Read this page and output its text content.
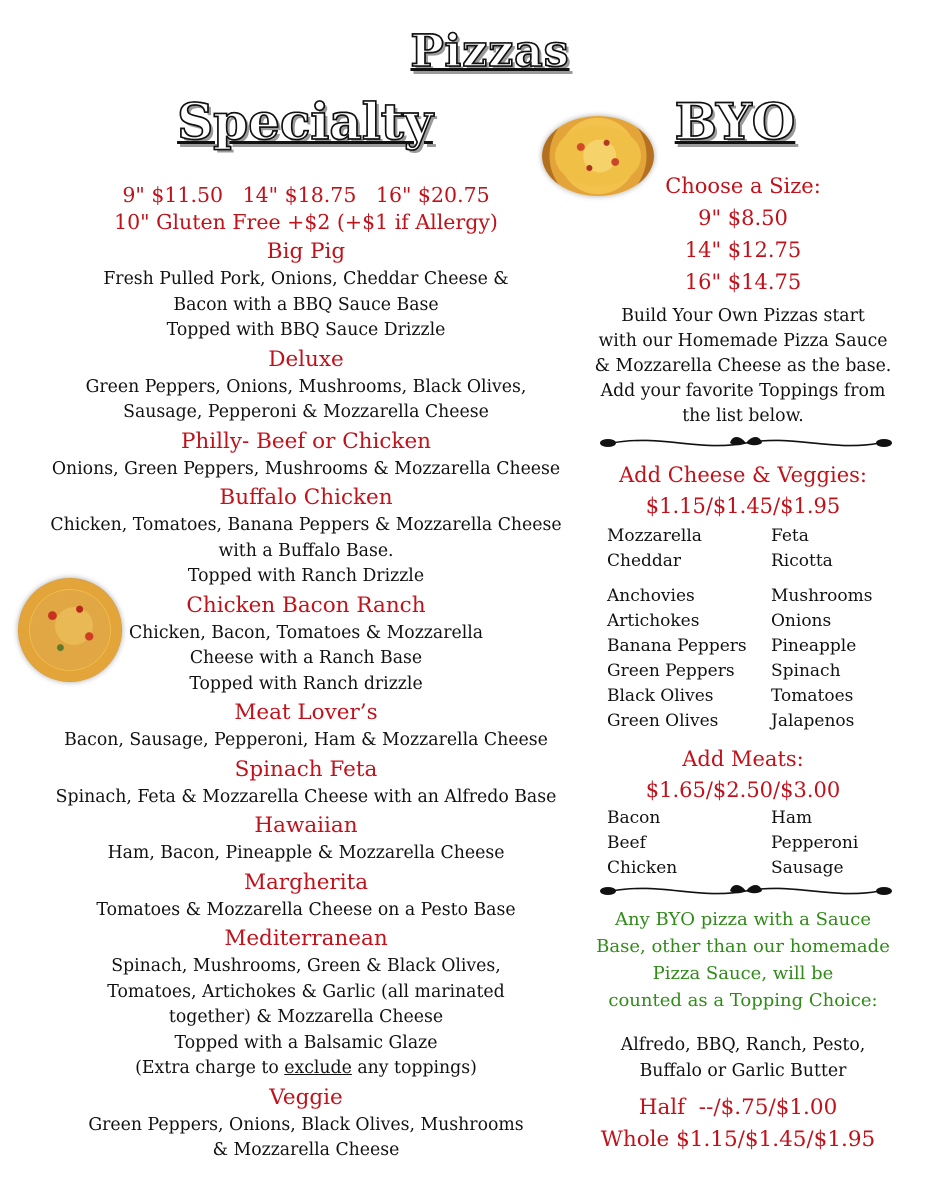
Pizzas
Specialty	BYO

9" $11.50   14" $18.75   16" $20.75

10" Gluten Free +$2 (+$1 if Allergy)

Big Pig

Fresh Pulled Pork, Onions, Cheddar Cheese &

Bacon with a BBQ Sauce Base

Topped with BBQ Sauce Drizzle

Deluxe

Green Peppers, Onions, Mushrooms, Black Olives,

Sausage, Pepperoni & Mozzarella Cheese

Philly- Beef or Chicken

Onions, Green Peppers, Mushrooms & Mozzarella Cheese

Buffalo Chicken

Chicken, Tomatoes, Banana Peppers & Mozzarella Cheese

with a Buffalo Base.

Topped with Ranch Drizzle

Chicken Bacon Ranch

Chicken, Bacon, Tomatoes & Mozzarella

Cheese with a Ranch Base

Topped with Ranch drizzle

Meat Lover’s

Bacon, Sausage, Pepperoni, Ham & Mozzarella Cheese

Spinach Feta

Spinach, Feta & Mozzarella Cheese with an Alfredo Base

Hawaiian

Ham, Bacon, Pineapple & Mozzarella Cheese

Margherita

Tomatoes & Mozzarella Cheese on a Pesto Base

Mediterranean

Spinach, Mushrooms, Green & Black Olives,

Tomatoes, Artichokes & Garlic (all marinated

together) & Mozzarella Cheese

Topped with a Balsamic Glaze

(Extra charge to exclude any toppings)

Veggie

Green Peppers, Onions, Black Olives, Mushrooms

& Mozzarella Cheese

Choose a Size:

9" $8.50

14" $12.75

16" $14.75

Build Your Own Pizzas start

with our Homemade Pizza Sauce

& Mozzarella Cheese as the base.

Add your favorite Toppings from

the list below.

Add Cheese & Veggies:

$1.15/$1.45/$1.95

Mozzarella	Feta
Cheddar	Ricotta
Anchovies	Mushrooms
Artichokes	Onions
Banana Peppers	Pineapple
Green Peppers	Spinach
Black Olives	Tomatoes
Green Olives	Jalapenos

Add Meats:

$1.65/$2.50/$3.00

Bacon	Ham
Beef	Pepperoni
Chicken	Sausage

Any BYO pizza with a Sauce

Base, other than our homemade

Pizza Sauce, will be

counted as a Topping Choice:

Alfredo, BBQ, Ranch, Pesto,

Buffalo or Garlic Butter

Half  --/$.75/$1.00

Whole $1.15/$1.45/$1.95
